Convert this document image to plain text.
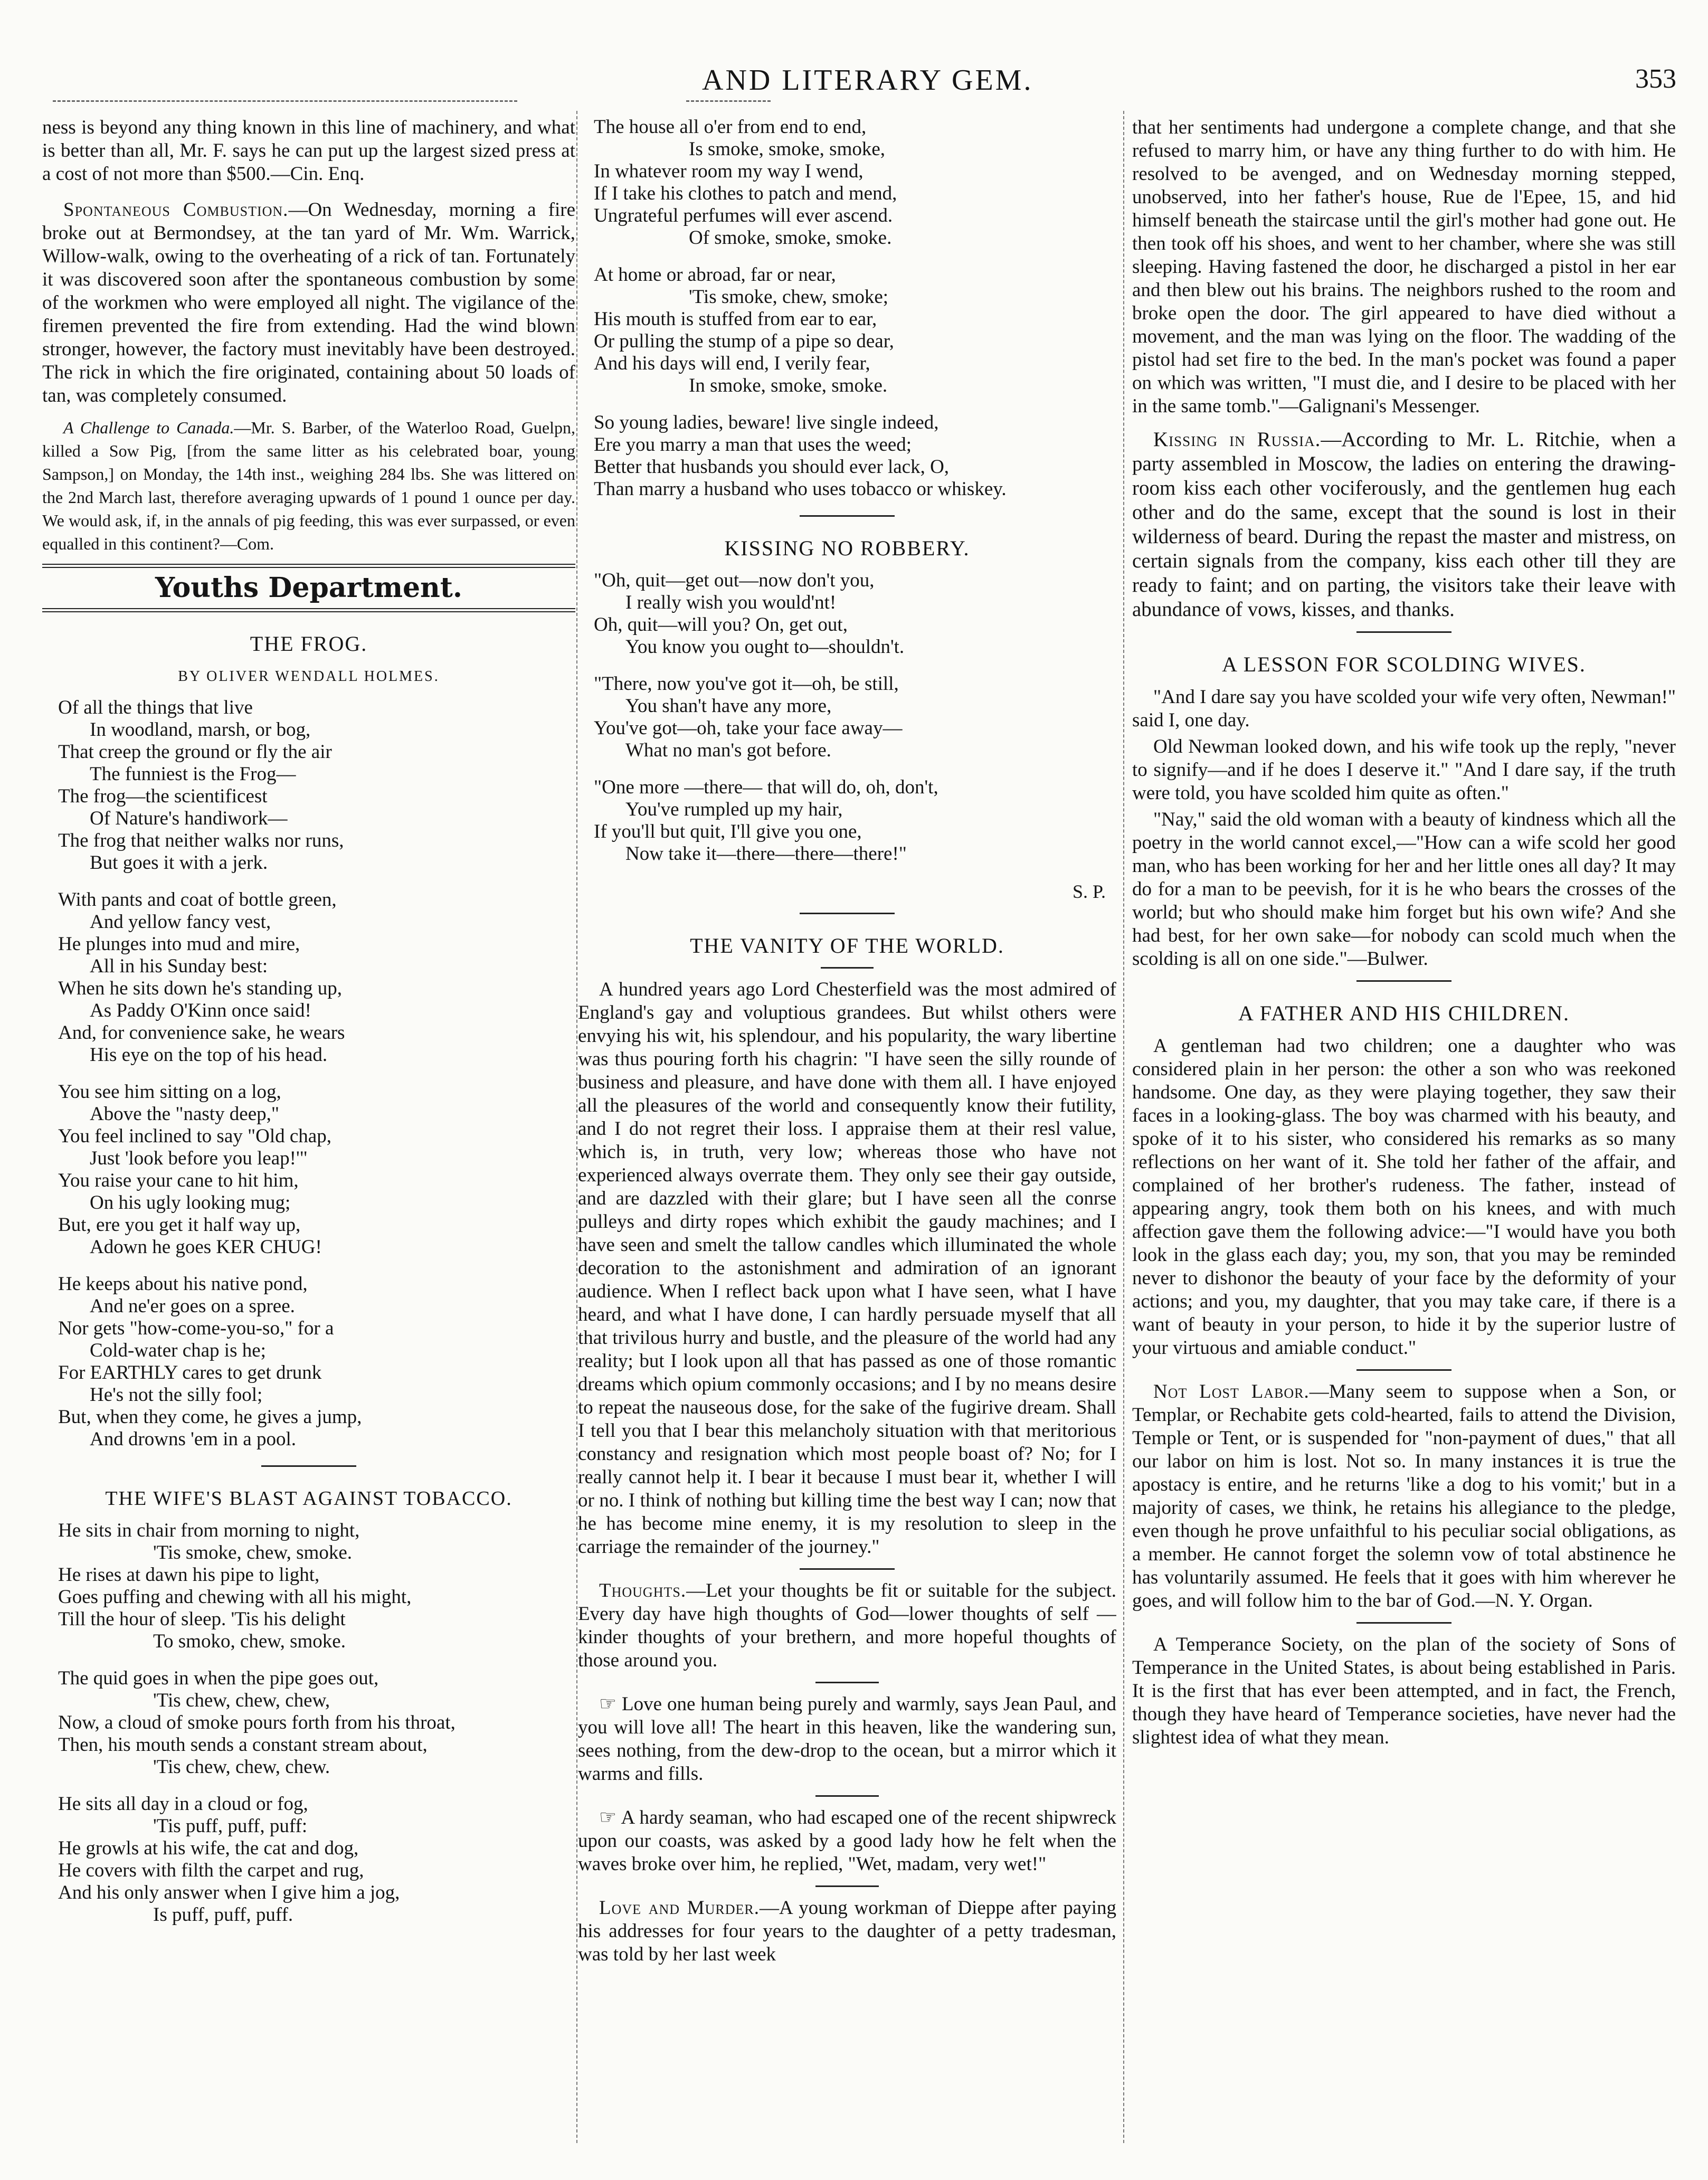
AND LITERARY GEM.	353

ness is beyond any thing known in this line of machinery, and what is better than all, Mr. F. says he can put up the largest sized press at a cost of not more than $500.—Cin. Enq.

Spontaneous Combustion.—On Wednesday, morning a fire broke out at Bermondsey, at the tan yard of Mr. Wm. Warrick, Willow-walk, owing to the overheating of a rick of tan. Fortunately it was discovered soon after the spontaneous combustion by some of the workmen who were employed all night. The vigilance of the firemen prevented the fire from extending. Had the wind blown stronger, however, the factory must inevitably have been destroyed. The rick in which the fire originated, containing about 50 loads of tan, was completely consumed.

A Challenge to Canada.—Mr. S. Barber, of the Waterloo Road, Guelpn, killed a Sow Pig, [from the same litter as his celebrated boar, young Sampson,] on Monday, the 14th inst., weighing 284 lbs. She was littered on the 2nd March last, therefore averaging upwards of 1 pound 1 ounce per day. We would ask, if, in the annals of pig feeding, this was ever surpassed, or even equalled in this continent?—Com.

Youths Department.
THE FROG.
BY OLIVER WENDALL HOLMES.
Of all the things that live
In woodland, marsh, or bog,
That creep the ground or fly the air
The funniest is the Frog—
The frog—the scientificest
Of Nature's handiwork—
The frog that neither walks nor runs,
But goes it with a jerk.
With pants and coat of bottle green,
And yellow fancy vest,
He plunges into mud and mire,
All in his Sunday best:
When he sits down he's standing up,
As Paddy O'Kinn once said!
And, for convenience sake, he wears
His eye on the top of his head.
You see him sitting on a log,
Above the "nasty deep,"
You feel inclined to say "Old chap,
Just 'look before you leap!'"
You raise your cane to hit him,
On his ugly looking mug;
But, ere you get it half way up,
Adown he goes KER CHUG!
He keeps about his native pond,
And ne'er goes on a spree.
Nor gets "how-come-you-so," for a
Cold-water chap is he;
For EARTHLY cares to get drunk
He's not the silly fool;
But, when they come, he gives a jump,
And drowns 'em in a pool.
THE WIFE'S BLAST AGAINST TOBACCO.
He sits in chair from morning to night,
'Tis smoke, chew, smoke.
He rises at dawn his pipe to light,
Goes puffing and chewing with all his might,
Till the hour of sleep. 'Tis his delight
To smoko, chew, smoke.
The quid goes in when the pipe goes out,
'Tis chew, chew, chew,
Now, a cloud of smoke pours forth from his throat,
Then, his mouth sends a constant stream about,
'Tis chew, chew, chew.
He sits all day in a cloud or fog,
'Tis puff, puff, puff:
He growls at his wife, the cat and dog,
He covers with filth the carpet and rug,
And his only answer when I give him a jog,
Is puff, puff, puff.
The house all o'er from end to end,
Is smoke, smoke, smoke,
In whatever room my way I wend,
If I take his clothes to patch and mend,
Ungrateful perfumes will ever ascend.
Of smoke, smoke, smoke.
At home or abroad, far or near,
'Tis smoke, chew, smoke;
His mouth is stuffed from ear to ear,
Or pulling the stump of a pipe so dear,
And his days will end, I verily fear,
In smoke, smoke, smoke.
So young ladies, beware! live single indeed,
Ere you marry a man that uses the weed;
Better that husbands you should ever lack, O,
Than marry a husband who uses tobacco or whiskey.
KISSING NO ROBBERY.
"Oh, quit—get out—now don't you,
I really wish you would'nt!
Oh, quit—will you? On, get out,
You know you ought to—shouldn't.
"There, now you've got it—oh, be still,
You shan't have any more,
You've got—oh, take your face away—
What no man's got before.
"One more —there— that will do, oh, don't,
You've rumpled up my hair,
If you'll but quit, I'll give you one,
Now take it—there—there—there!"
S. P.
THE VANITY OF THE WORLD.

A hundred years ago Lord Chesterfield was the most admired of England's gay and voluptious grandees. But whilst others were envying his wit, his splendour, and his popularity, the wary libertine was thus pouring forth his chagrin: "I have seen the silly rounde of business and pleasure, and have done with them all. I have enjoyed all the pleasures of the world and consequently know their futility, and I do not regret their loss. I appraise them at their resl value, which is, in truth, very low; whereas those who have not experienced always overrate them. They only see their gay outside, and are dazzled with their glare; but I have seen all the conrse pulleys and dirty ropes which exhibit the gaudy machines; and I have seen and smelt the tallow candles which illuminated the whole decoration to the astonishment and admiration of an ignorant audience. When I reflect back upon what I have seen, what I have heard, and what I have done, I can hardly persuade myself that all that trivilous hurry and bustle, and the pleasure of the world had any reality; but I look upon all that has passed as one of those romantic dreams which opium commonly occasions; and I by no means desire to repeat the nauseous dose, for the sake of the fugirive dream. Shall I tell you that I bear this melancholy situation with that meritorious constancy and resignation which most people boast of? No; for I really cannot help it. I bear it because I must bear it, whether I will or no. I think of nothing but killing time the best way I can; now that he has become mine enemy, it is my resolution to sleep in the carriage the remainder of the journey."

Thoughts.—Let your thoughts be fit or suitable for the subject. Every day have high thoughts of God—lower thoughts of self — kinder thoughts of your brethern, and more hopeful thoughts of those around you.

☞ Love one human being purely and warmly, says Jean Paul, and you will love all! The heart in this heaven, like the wandering sun, sees nothing, from the dew-drop to the ocean, but a mirror which it warms and fills.

☞ A hardy seaman, who had escaped one of the recent shipwreck upon our coasts, was asked by a good lady how he felt when the waves broke over him, he replied, "Wet, madam, very wet!"

Love and Murder.—A young workman of Dieppe after paying his addresses for four years to the daughter of a petty tradesman, was told by her last week

that her sentiments had undergone a complete change, and that she refused to marry him, or have any thing further to do with him. He resolved to be avenged, and on Wednesday morning stepped, unobserved, into her father's house, Rue de l'Epee, 15, and hid himself beneath the staircase until the girl's mother had gone out. He then took off his shoes, and went to her chamber, where she was still sleeping. Having fastened the door, he discharged a pistol in her ear and then blew out his brains. The neighbors rushed to the room and broke open the door. The girl appeared to have died without a movement, and the man was lying on the floor. The wadding of the pistol had set fire to the bed. In the man's pocket was found a paper on which was written, "I must die, and I desire to be placed with her in the same tomb."—Galignani's Messenger.

Kissing in Russia.—According to Mr. L. Ritchie, when a party assembled in Moscow, the ladies on entering the drawing-room kiss each other vociferously, and the gentlemen hug each other and do the same, except that the sound is lost in their wilderness of beard. During the repast the master and mistress, on certain signals from the company, kiss each other till they are ready to faint; and on parting, the visitors take their leave with abundance of vows, kisses, and thanks.

A LESSON FOR SCOLDING WIVES.

"And I dare say you have scolded your wife very often, Newman!" said I, one day.

Old Newman looked down, and his wife took up the reply, "never to signify—and if he does I deserve it." "And I dare say, if the truth were told, you have scolded him quite as often."

"Nay," said the old woman with a beauty of kindness which all the poetry in the world cannot excel,—"How can a wife scold her good man, who has been working for her and her little ones all day? It may do for a man to be peevish, for it is he who bears the crosses of the world; but who should make him forget but his own wife? And she had best, for her own sake—for nobody can scold much when the scolding is all on one side."—Bulwer.

A FATHER AND HIS CHILDREN.

A gentleman had two children; one a daughter who was considered plain in her person: the other a son who was reekoned handsome. One day, as they were playing together, they saw their faces in a looking-glass. The boy was charmed with his beauty, and spoke of it to his sister, who considered his remarks as so many reflections on her want of it. She told her father of the affair, and complained of her brother's rudeness. The father, instead of appearing angry, took them both on his knees, and with much affection gave them the following advice:—"I would have you both look in the glass each day; you, my son, that you may be reminded never to dishonor the beauty of your face by the deformity of your actions; and you, my daughter, that you may take care, if there is a want of beauty in your person, to hide it by the superior lustre of your virtuous and amiable conduct."

Not Lost Labor.—Many seem to suppose when a Son, or Templar, or Rechabite gets cold-hearted, fails to attend the Division, Temple or Tent, or is suspended for "non-payment of dues," that all our labor on him is lost. Not so. In many instances it is true the apostacy is entire, and he returns 'like a dog to his vomit;' but in a majority of cases, we think, he retains his allegiance to the pledge, even though he prove unfaithful to his peculiar social obligations, as a member. He cannot forget the solemn vow of total abstinence he has voluntarily assumed. He feels that it goes with him wherever he goes, and will follow him to the bar of God.—N. Y. Organ.

A Temperance Society, on the plan of the society of Sons of Temperance in the United States, is about being established in Paris. It is the first that has ever been attempted, and in fact, the French, though they have heard of Temperance societies, have never had the slightest idea of what they mean.
